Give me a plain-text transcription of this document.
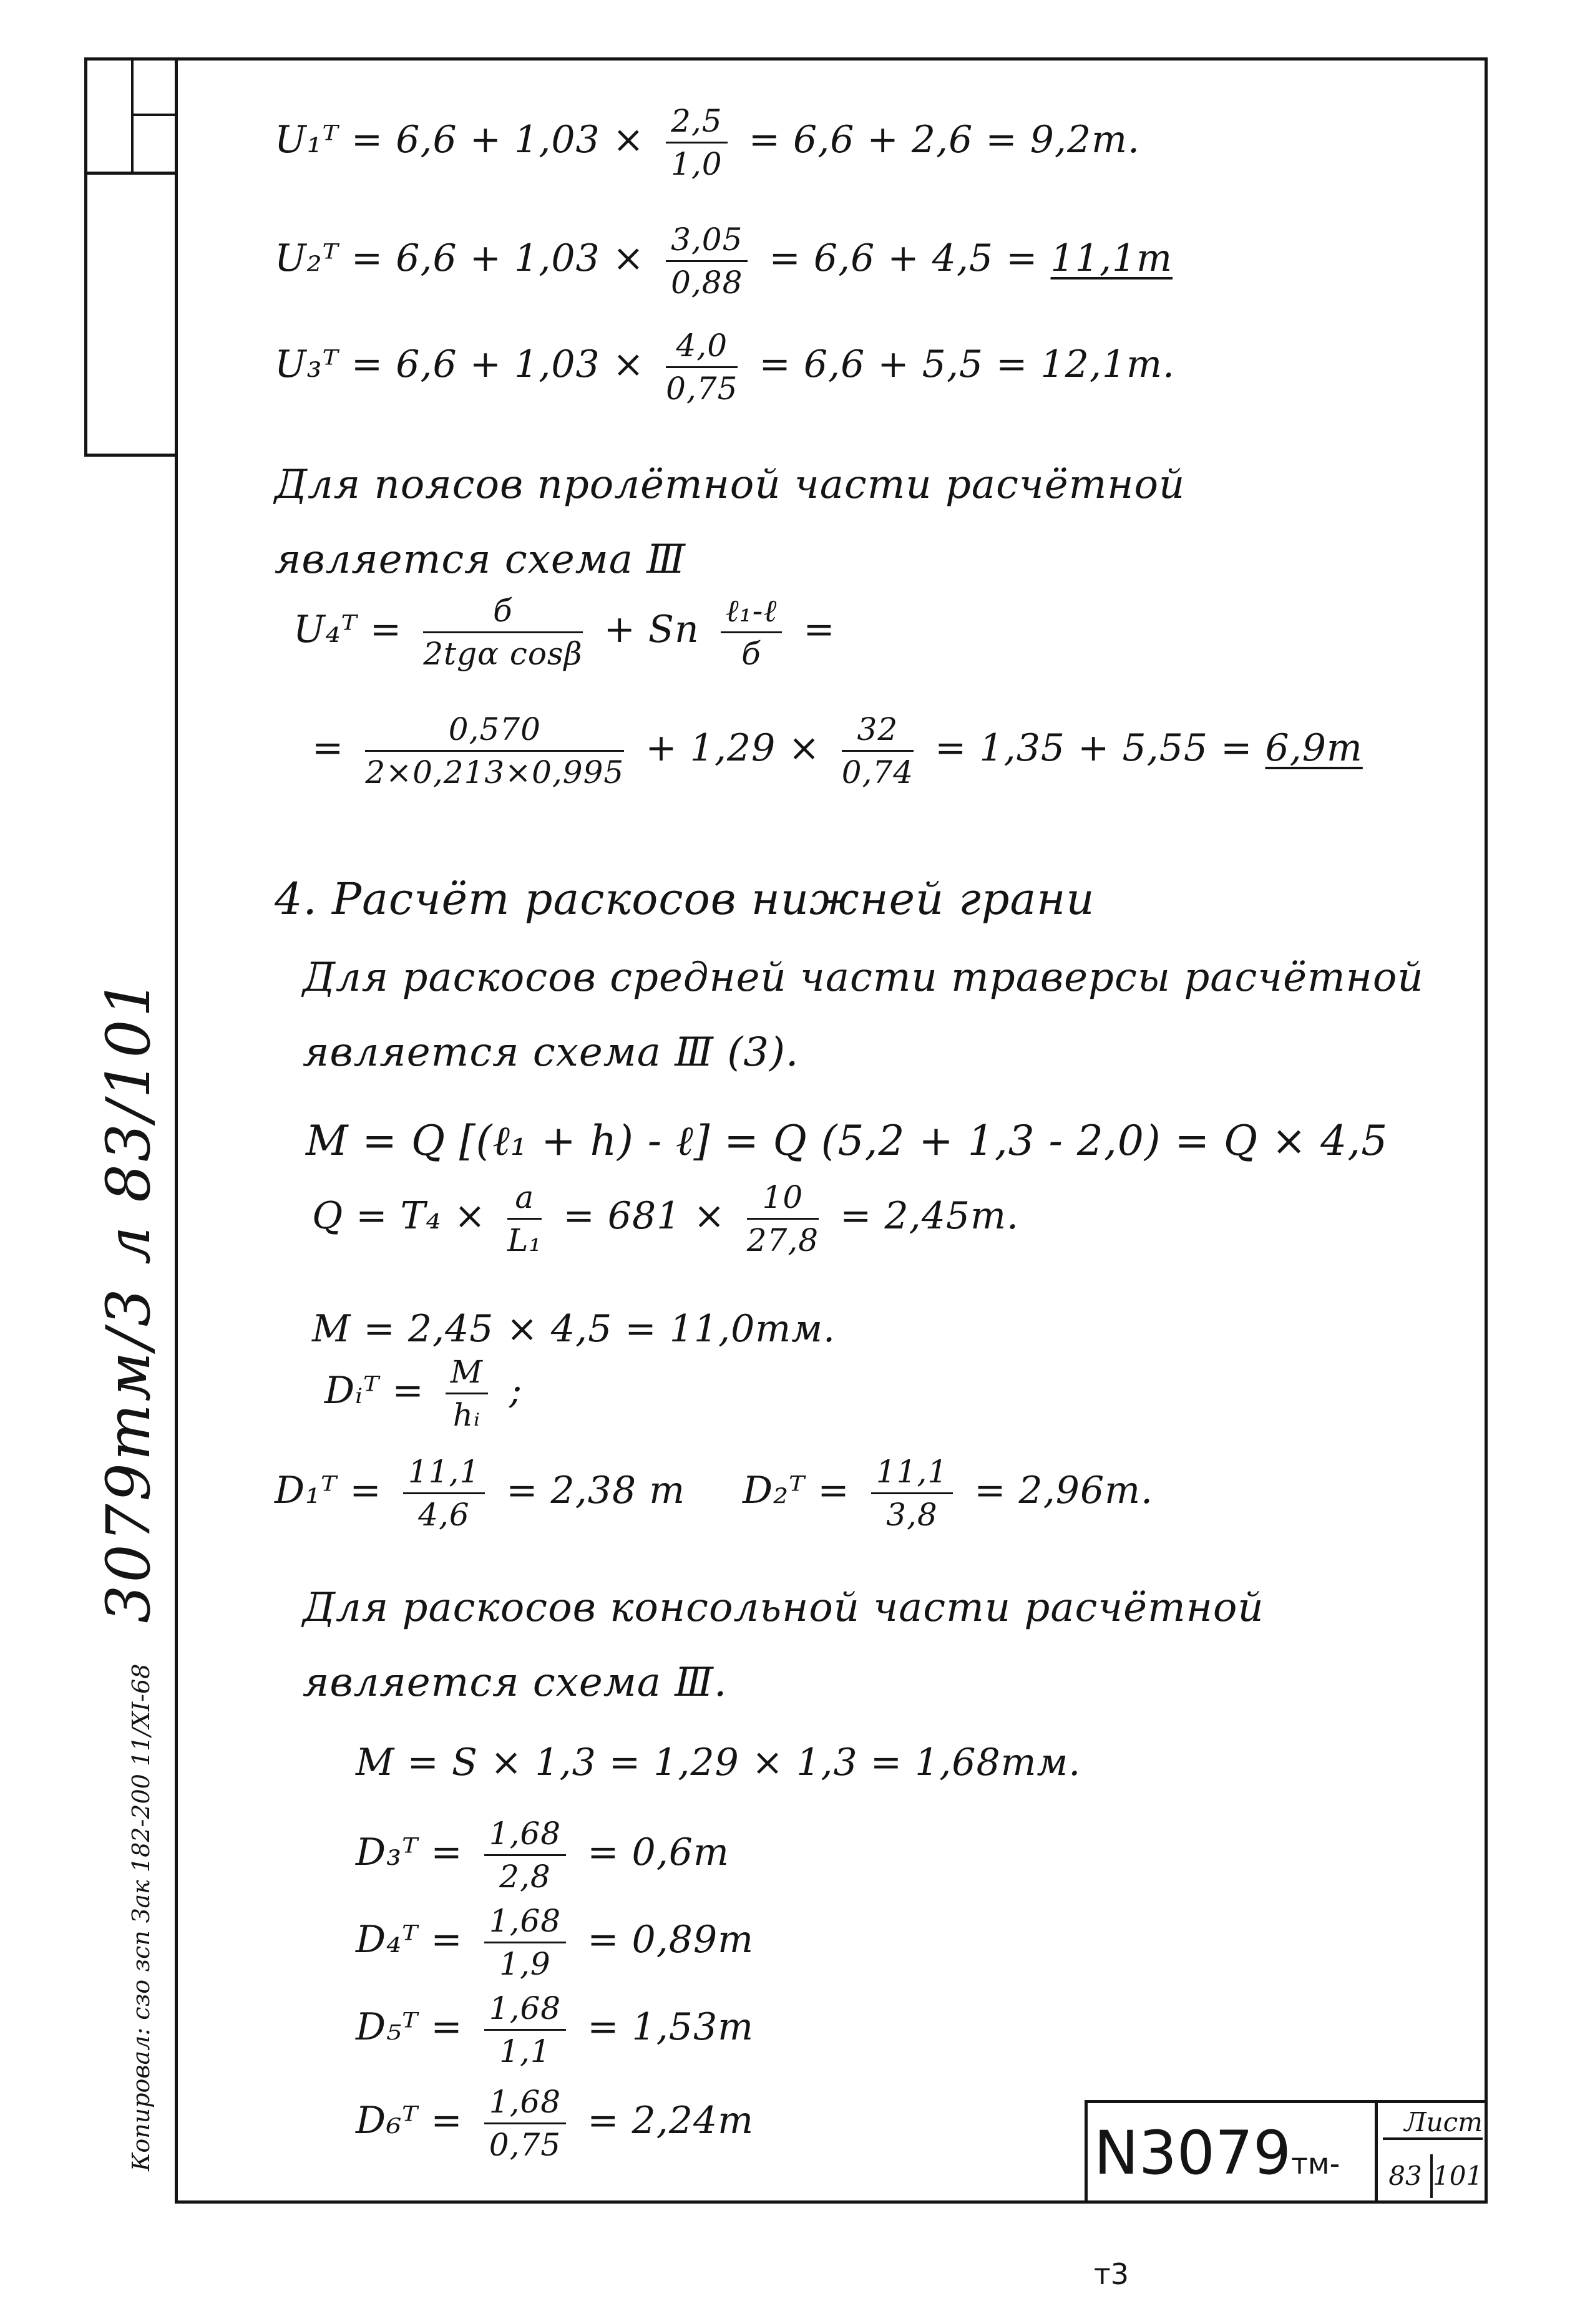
U₁ᵀ = $6,6 + 1,03 \times \frac{2,5}{1,0} = 6,6 + 2,6 = 9,2т$.
U₂ᵀ = $6,6 + 1,03 \times \frac{3,05}{0,88} = 6,6 + 4,5 = 11,1т$
U₃ᵀ = $6,6 + 1,03 \times \frac{4,0}{0,75} = 6,6 + 5,5 = 12,1т$.
Для поясов пролётной части расчётной
является схема Ⅲ
U₄ᵀ = $\frac{б}{\text{2tgα cosβ}}$ + Sп $\frac{\text{ℓ₁-ℓ}}{б}$ =
= $\frac{0,570}{2\times 0,213\times 0,995} + 1,29 \times \frac{32}{0,74} = 1,35 + 5,55 = 6,9т$
4. Расчёт раскосов нижней грани
Для раскосов средней части траверсы расчётной
является схема Ⅲ (3).
M = Q [(ℓ₁ + h) - ℓ] = Q (5,2 + 1,3 - 2,0) = Q × 4,5
$Q = T_4 \times \frac{a}{\text{L₁}} = 681 \times \frac{10}{27,8} = 2,45т$.
M = 2,45 × 4,5 = 11,0тм.
Dᵢᵀ = $\frac{M}{\text{hᵢ}}$ ;
D₁ᵀ = $\frac{11,1}{4,6} = 2,38$ т D₂ᵀ = $\frac{11,1}{3,8} = 2,96т$.
Для раскосов консольной части расчётной
является схема Ⅲ.
M = S × 1,3 = 1,29 × 1,3 = 1,68тм.
D₃ᵀ = $\frac{1,68}{2,8} = 0,6т$
D₄ᵀ = $\frac{1,68}{1,9} = 0,89т$
D₅ᵀ = $\frac{1,68}{1,1} = 1,53т$
D₆ᵀ = $\frac{1,68}{0,75} = 2,24т$
Копировал: сзо зсп Зак 182-200 11/XI-68 3079тм/3 л 83/101
N3079тм-т3
Лист
83 101
